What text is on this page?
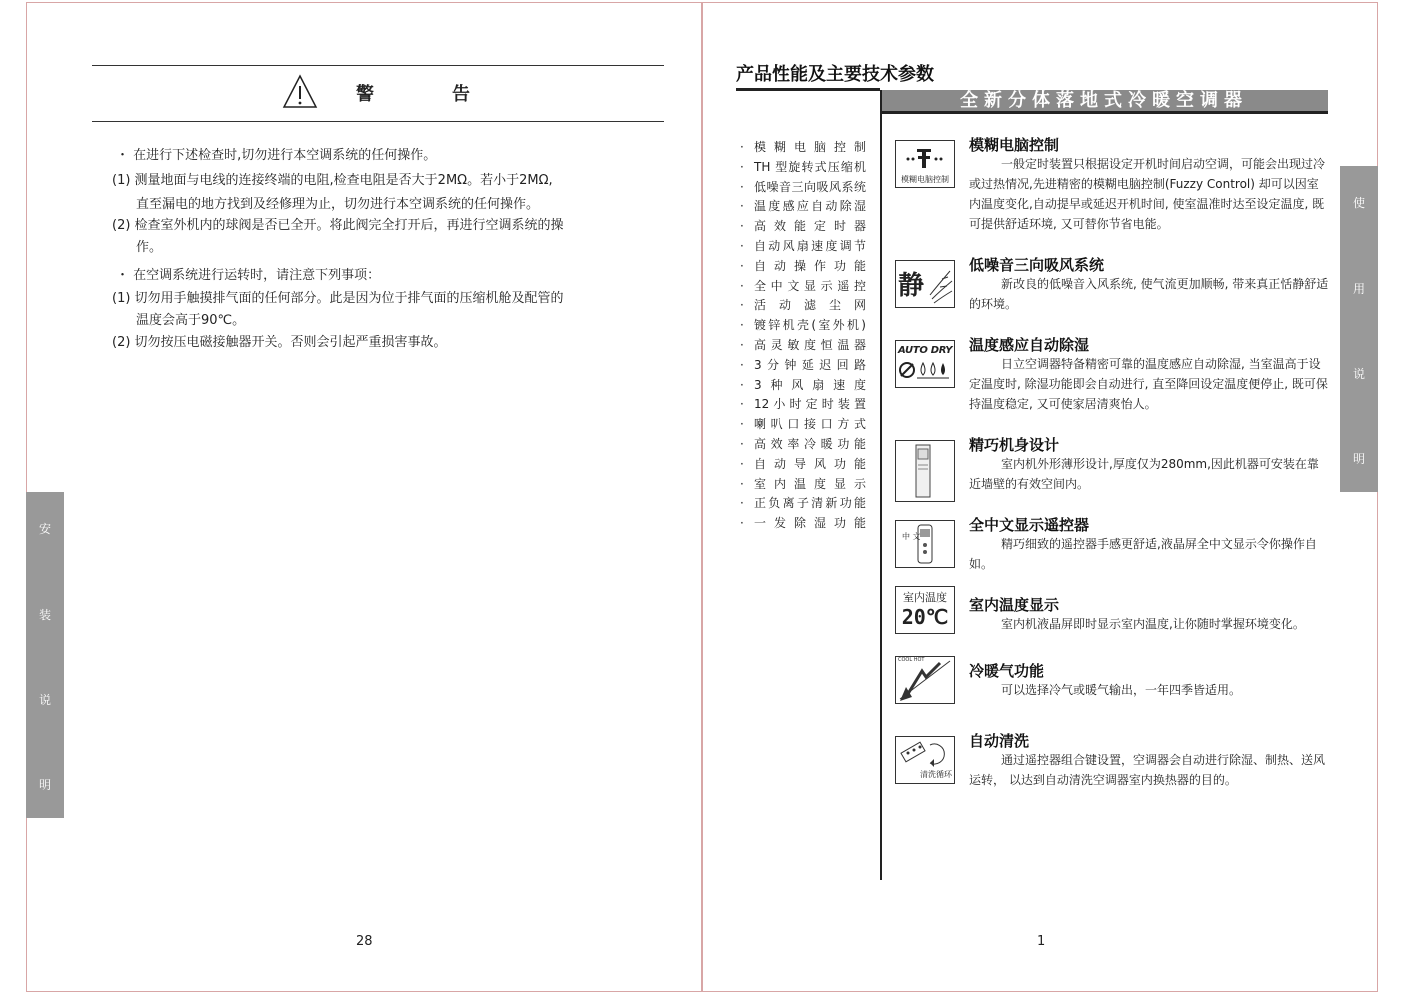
警　告
・ 在进行下述检查时,切勿进行本空调系统的任何操作。
(1) 测量地面与电线的连接终端的电阻,检查电阻是否大于2MΩ。若小于2MΩ,
直至漏电的地方找到及经修理为止，切勿进行本空调系统的任何操作。
(2) 检查室外机内的球阀是否已全开。将此阀完全打开后，再进行空调系统的操
作。
・ 在空调系统进行运转时，请注意下列事项：
(1) 切勿用手触摸排气面的任何部分。此是因为位于排气面的压缩机舱及配管的
温度会高于90℃。
(2) 切勿按压电磁接触器开关。否则会引起严重损害事故。
安
装
说
明
28
产品性能及主要技术参数
全新分体落地式冷暖空调器
· 模糊电脑控制
· TH 型旋转式压缩机
· 低噪音三向吸风系统
· 温度感应自动除湿
· 高效能定时器
· 自动风扇速度调节
· 自动操作功能
· 全中文显示遥控
· 活动滤尘网
· 镀锌机壳(室外机)
· 高灵敏度恒温器
· 3分钟延迟回路
· 3种风扇速度
· 12小时定时装置
· 喇叭口接口方式
· 高效率冷暖功能
· 自动导风功能
· 室内温度显示
· 正负离子清新功能
· 一发除湿功能
模糊电脑控制
模糊电脑控制
一般定时装置只根据设定开机时间启动空调，可能会出现过冷或过热情况,先进精密的模糊电脑控制(Fuzzy Control) 却可以因室内温度变化,自动提早或延迟开机时间, 使室温准时达至设定温度, 既可提供舒适环境, 又可替你节省电能。
静
低噪音三向吸风系统
新改良的低噪音入风系统, 使气流更加顺畅, 带来真正恬静舒适的环境。
AUTO DRY 温度感应自动除湿
日立空调器特备精密可靠的温度感应自动除湿, 当室温高于设定温度时, 除湿功能即会自动进行, 直至降回设定温度便停止, 既可保持温度稳定, 又可使家居清爽怡人。
精巧机身设计
室内机外形薄形设计,厚度仅为280mm,因此机器可安装在靠近墙壁的有效空间内。
中 文
全中文显示遥控器
精巧细致的遥控器手感更舒适,液晶屏全中文显示令你操作自如。
室内温度
20℃	室内温度显示
室内机液晶屏即时显示室内温度,让你随时掌握环境变化。
COOL HOT
冷暖气功能
可以选择冷气或暖气输出，一年四季皆适用。
清洗循环
自动清洗
通过遥控器组合键设置，空调器会自动进行除湿、制热、送风运转， 以达到自动清洗空调器室内换热器的目的。
使
用
说
明
1
